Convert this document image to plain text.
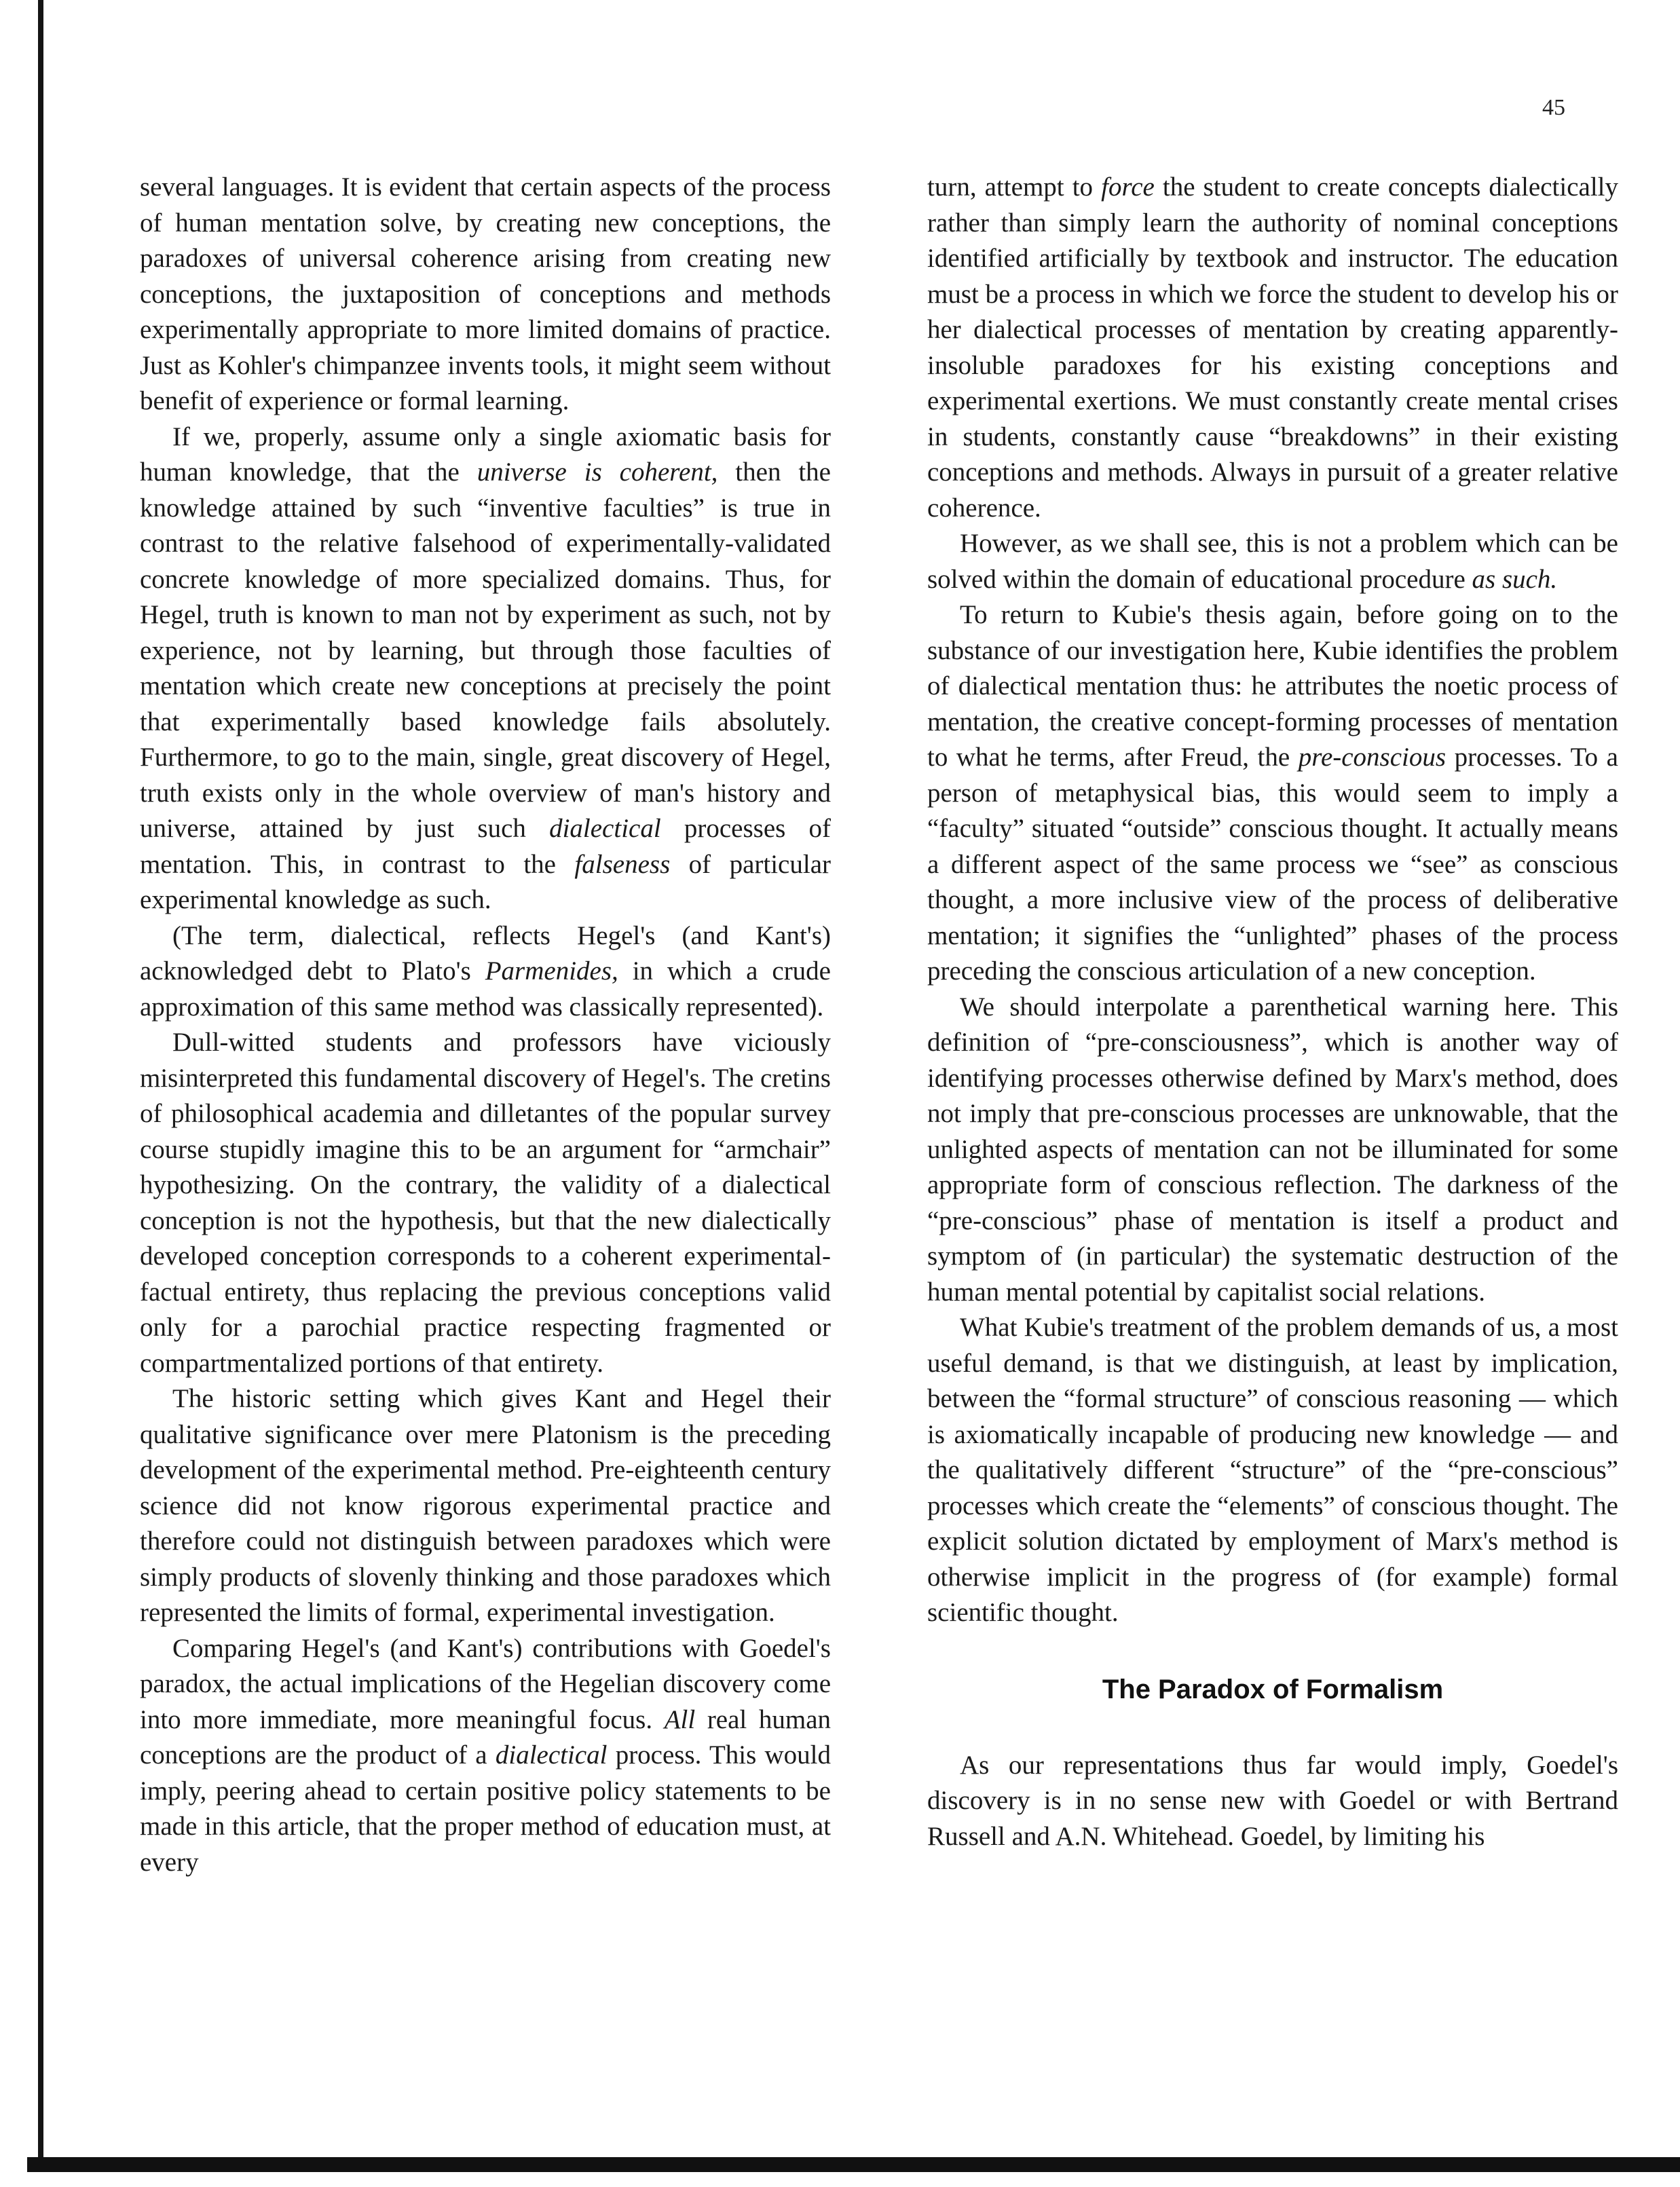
45

several languages. It is evident that certain aspects of the process of human mentation solve, by creating new conceptions, the paradoxes of universal coherence arising from creating new conceptions, the juxtaposition of conceptions and methods experimentally appropriate to more limited domains of practice. Just as Kohler's chimpanzee invents tools, it might seem without benefit of experience or formal learning.

If we, properly, assume only a single axiomatic basis for human knowledge, that the universe is coherent, then the knowledge attained by such “inventive faculties” is true in contrast to the relative falsehood of experimentally-validated concrete knowledge of more specialized domains. Thus, for Hegel, truth is known to man not by experiment as such, not by experience, not by learning, but through those faculties of mentation which create new conceptions at precisely the point that experimentally based knowledge fails absolutely. Furthermore, to go to the main, single, great discovery of Hegel, truth exists only in the whole overview of man's history and universe, attained by just such dialectical processes of mentation. This, in contrast to the falseness of particular experimental knowledge as such.

(The term, dialectical, reflects Hegel's (and Kant's) acknowledged debt to Plato's Parmenides, in which a crude approximation of this same method was classically represented).

Dull-witted students and professors have viciously misinterpreted this fundamental discovery of Hegel's. The cretins of philosophical academia and dilletantes of the popular survey course stupidly imagine this to be an argument for “armchair” hypothesizing. On the contrary, the validity of a dialectical conception is not the hypothesis, but that the new dialectically developed conception corresponds to a coherent experimental-factual entirety, thus replacing the previous conceptions valid only for a parochial practice respecting fragmented or compartmentalized portions of that entirety.

The historic setting which gives Kant and Hegel their qualitative significance over mere Platonism is the preceding development of the experimental method. Pre-eighteenth century science did not know rigorous experimental practice and therefore could not distinguish between paradoxes which were simply products of slovenly thinking and those paradoxes which represented the limits of formal, experimental investigation.

Comparing Hegel's (and Kant's) contributions with Goedel's paradox, the actual implications of the Hegelian discovery come into more immediate, more meaningful focus. All real human conceptions are the product of a dialectical process. This would imply, peering ahead to certain positive policy statements to be made in this article, that the proper method of education must, at every

turn, attempt to force the student to create concepts dialectically rather than simply learn the authority of nominal conceptions identified artificially by textbook and instructor. The education must be a process in which we force the student to develop his or her dialectical processes of mentation by creating apparently-insoluble paradoxes for his existing conceptions and experimental exertions. We must constantly create mental crises in students, constantly cause “breakdowns” in their existing conceptions and methods. Always in pursuit of a greater relative coherence.

However, as we shall see, this is not a problem which can be solved within the domain of educational procedure as such.

To return to Kubie's thesis again, before going on to the substance of our investigation here, Kubie identifies the problem of dialectical mentation thus: he attributes the noetic process of mentation, the creative concept-forming processes of mentation to what he terms, after Freud, the pre-conscious processes. To a person of metaphysical bias, this would seem to imply a “faculty” situated “outside” conscious thought. It actually means a different aspect of the same process we “see” as conscious thought, a more inclusive view of the process of deliberative mentation; it signifies the “unlighted” phases of the process preceding the conscious articulation of a new conception.

We should interpolate a parenthetical warning here. This definition of “pre-consciousness”, which is another way of identifying processes otherwise defined by Marx's method, does not imply that pre-conscious processes are unknowable, that the unlighted aspects of mentation can not be illuminated for some appropriate form of conscious reflection. The darkness of the “pre-conscious” phase of mentation is itself a product and symptom of (in particular) the systematic destruction of the human mental potential by capitalist social relations.

What Kubie's treatment of the problem demands of us, a most useful demand, is that we distinguish, at least by implication, between the “formal structure” of conscious reasoning — which is axiomatically incapable of producing new knowledge — and the qualitatively different “structure” of the “pre-conscious” processes which create the “elements” of conscious thought. The explicit solution dictated by employment of Marx's method is otherwise implicit in the progress of (for example) formal scientific thought.

The Paradox of Formalism

As our representations thus far would imply, Goedel's discovery is in no sense new with Goedel or with Bertrand Russell and A.N. Whitehead. Goedel, by limiting his
